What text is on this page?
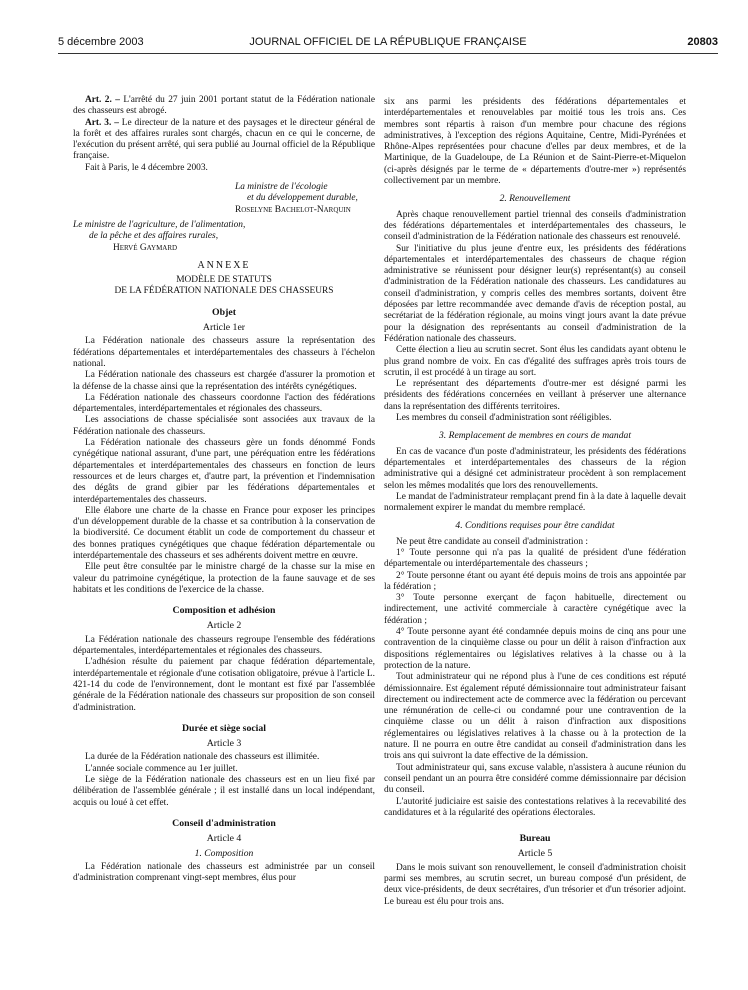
5 décembre 2003	JOURNAL OFFICIEL DE LA RÉPUBLIQUE FRANÇAISE	20803

Art. 2. – L'arrêté du 27 juin 2001 portant statut de la Fédération nationale des chasseurs est abrogé.

Art. 3. – Le directeur de la nature et des paysages et le directeur général de la forêt et des affaires rurales sont chargés, chacun en ce qui le concerne, de l'exécution du présent arrêté, qui sera publié au Journal officiel de la République française.

Fait à Paris, le 4 décembre 2003.

La ministre de l'écologie
et du développement durable,
Roselyne Bachelot-Narquin
Le ministre de l'agriculture, de l'alimentation,
de la pêche et des affaires rurales,
Hervé Gaymard
ANNEXE
MODÈLE DE STATUTS
DE LA FÉDÉRATION NATIONALE DES CHASSEURS
Objet
Article 1er

La Fédération nationale des chasseurs assure la représentation des fédérations départementales et interdépartementales des chasseurs à l'échelon national.

La Fédération nationale des chasseurs est chargée d'assurer la promotion et la défense de la chasse ainsi que la représentation des intérêts cynégétiques.

La Fédération nationale des chasseurs coordonne l'action des fédérations départementales, interdépartementales et régionales des chasseurs.

Les associations de chasse spécialisée sont associées aux travaux de la Fédération nationale des chasseurs.

La Fédération nationale des chasseurs gère un fonds dénommé Fonds cynégétique national assurant, d'une part, une péréquation entre les fédérations départementales et interdépartementales des chasseurs en fonction de leurs ressources et de leurs charges et, d'autre part, la prévention et l'indemnisation des dégâts de grand gibier par les fédérations départementales et interdépartementales des chasseurs.

Elle élabore une charte de la chasse en France pour exposer les principes d'un développement durable de la chasse et sa contribution à la conservation de la biodiversité. Ce document établit un code de comportement du chasseur et des bonnes pratiques cynégétiques que chaque fédération départementale ou interdépartementale des chasseurs et ses adhérents doivent mettre en œuvre.

Elle peut être consultée par le ministre chargé de la chasse sur la mise en valeur du patrimoine cynégétique, la protection de la faune sauvage et de ses habitats et les conditions de l'exercice de la chasse.

Composition et adhésion
Article 2

La Fédération nationale des chasseurs regroupe l'ensemble des fédérations départementales, interdépartementales et régionales des chasseurs.

L'adhésion résulte du paiement par chaque fédération départementale, interdépartementale et régionale d'une cotisation obligatoire, prévue à l'article L. 421-14 du code de l'environnement, dont le montant est fixé par l'assemblée générale de la Fédération nationale des chasseurs sur proposition de son conseil d'administration.

Durée et siège social
Article 3

La durée de la Fédération nationale des chasseurs est illimitée.

L'année sociale commence au 1er juillet.

Le siège de la Fédération nationale des chasseurs est en un lieu fixé par délibération de l'assemblée générale ; il est installé dans un local indépendant, acquis ou loué à cet effet.

Conseil d'administration
Article 4
1. Composition

La Fédération nationale des chasseurs est administrée par un conseil d'administration comprenant vingt-sept membres, élus pour

six ans parmi les présidents des fédérations départementales et interdépartementales et renouvelables par moitié tous les trois ans. Ces membres sont répartis à raison d'un membre pour chacune des régions administratives, à l'exception des régions Aquitaine, Centre, Midi-Pyrénées et Rhône-Alpes représentées pour chacune d'elles par deux membres, et de la Martinique, de la Guadeloupe, de La Réunion et de Saint-Pierre-et-Miquelon (ci-après désignés par le terme de « départements d'outre-mer ») représentés collectivement par un membre.

2. Renouvellement

Après chaque renouvellement partiel triennal des conseils d'administration des fédérations départementales et interdépartementales des chasseurs, le conseil d'administration de la Fédération nationale des chasseurs est renouvelé.

Sur l'initiative du plus jeune d'entre eux, les présidents des fédérations départementales et interdépartementales des chasseurs de chaque région administrative se réunissent pour désigner leur(s) représentant(s) au conseil d'administration de la Fédération nationale des chasseurs. Les candidatures au conseil d'administration, y compris celles des membres sortants, doivent être déposées par lettre recommandée avec demande d'avis de réception postal, au secrétariat de la fédération régionale, au moins vingt jours avant la date prévue pour la désignation des représentants au conseil d'administration de la Fédération nationale des chasseurs.

Cette élection a lieu au scrutin secret. Sont élus les candidats ayant obtenu le plus grand nombre de voix. En cas d'égalité des suffrages après trois tours de scrutin, il est procédé à un tirage au sort.

Le représentant des départements d'outre-mer est désigné parmi les présidents des fédérations concernées en veillant à préserver une alternance dans la représentation des différents territoires.

Les membres du conseil d'administration sont rééligibles.

3. Remplacement de membres en cours de mandat

En cas de vacance d'un poste d'administrateur, les présidents des fédérations départementales et interdépartementales des chasseurs de la région administrative qui a désigné cet administrateur procèdent à son remplacement selon les mêmes modalités que lors des renouvellements.

Le mandat de l'administrateur remplaçant prend fin à la date à laquelle devait normalement expirer le mandat du membre remplacé.

4. Conditions requises pour être candidat

Ne peut être candidate au conseil d'administration :

1° Toute personne qui n'a pas la qualité de président d'une fédération départementale ou interdépartementale des chasseurs ;

2° Toute personne étant ou ayant été depuis moins de trois ans appointée par la fédération ;

3° Toute personne exerçant de façon habituelle, directement ou indirectement, une activité commerciale à caractère cynégétique avec la fédération ;

4° Toute personne ayant été condamnée depuis moins de cinq ans pour une contravention de la cinquième classe ou pour un délit à raison d'infraction aux dispositions réglementaires ou législatives relatives à la chasse ou à la protection de la nature.

Tout administrateur qui ne répond plus à l'une de ces conditions est réputé démissionnaire. Est également réputé démissionnaire tout administrateur faisant directement ou indirectement acte de commerce avec la fédération ou percevant une rémunération de celle-ci ou condamné pour une contravention de la cinquième classe ou un délit à raison d'infraction aux dispositions réglementaires ou législatives relatives à la chasse ou à la protection de la nature. Il ne pourra en outre être candidat au conseil d'administration dans les trois ans qui suivront la date effective de la démission.

Tout administrateur qui, sans excuse valable, n'assistera à aucune réunion du conseil pendant un an pourra être considéré comme démissionnaire par décision du conseil.

L'autorité judiciaire est saisie des contestations relatives à la recevabilité des candidatures et à la régularité des opérations électorales.

Bureau
Article 5

Dans le mois suivant son renouvellement, le conseil d'administration choisit parmi ses membres, au scrutin secret, un bureau composé d'un président, de deux vice-présidents, de deux secrétaires, d'un trésorier et d'un trésorier adjoint. Le bureau est élu pour trois ans.
